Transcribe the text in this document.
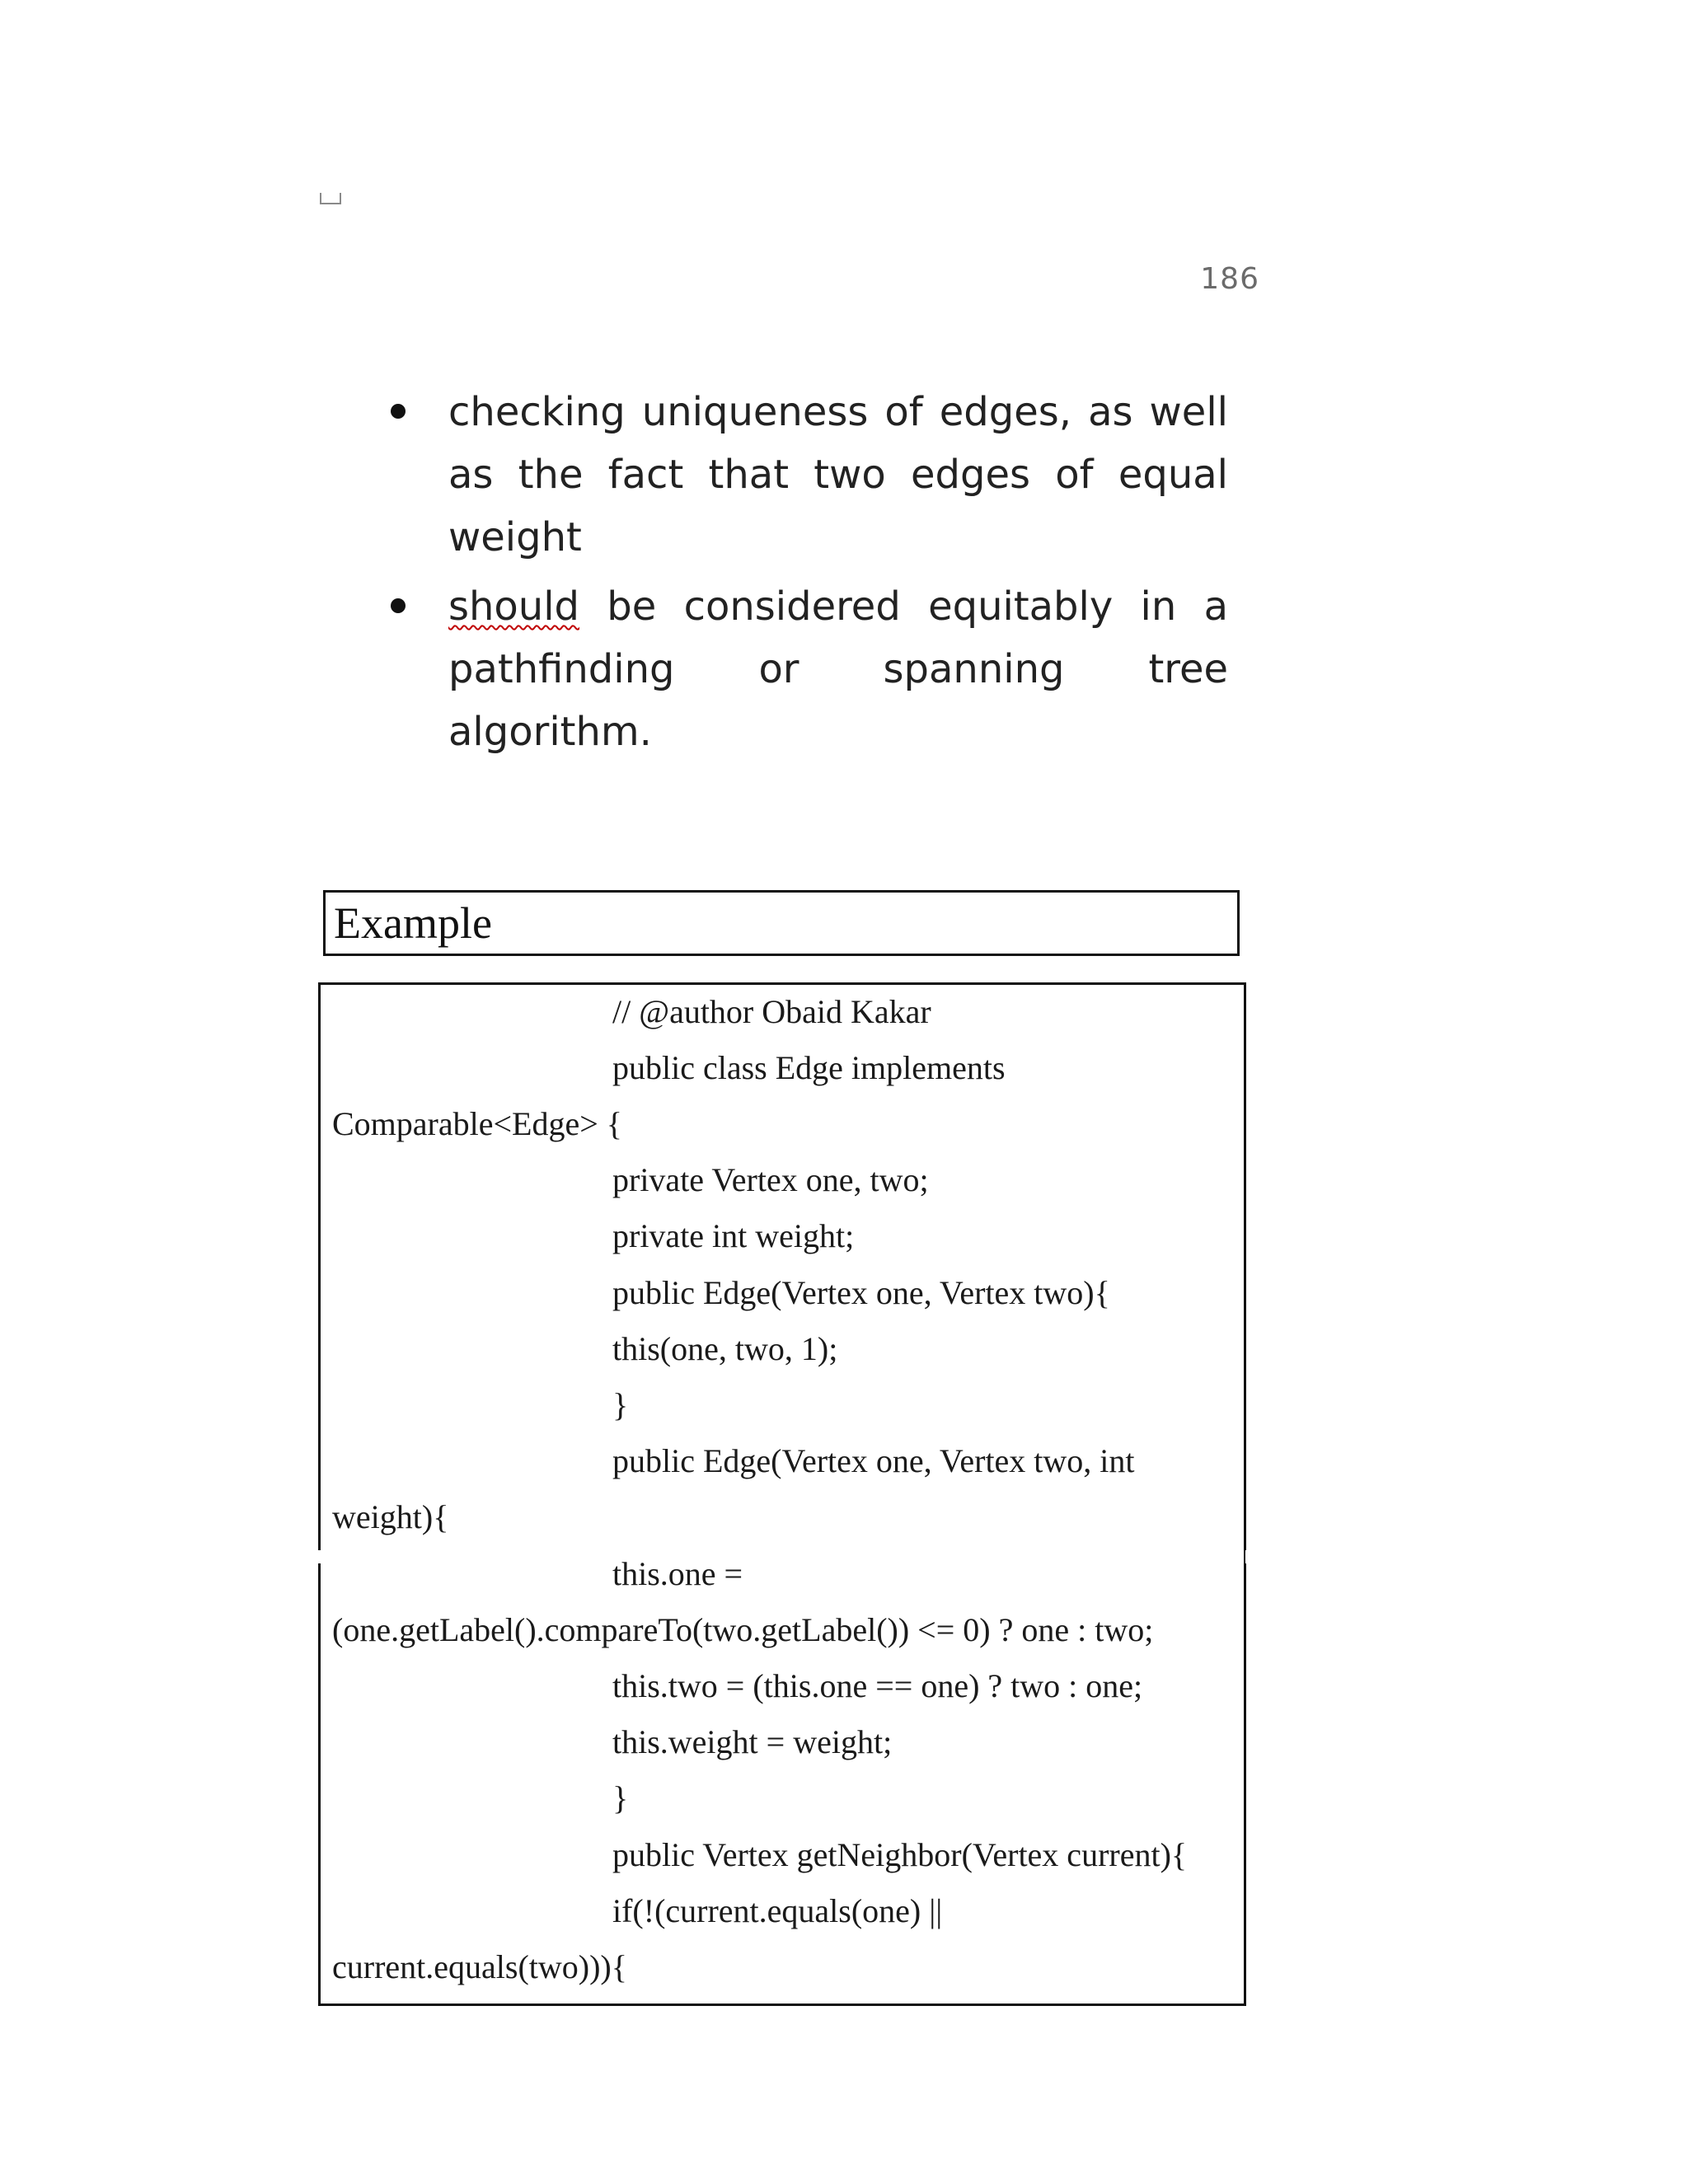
186
checking uniqueness of edges, as well as the fact that two edges of equal weight
should be considered equitably in a pathfinding or spanning tree algorithm.
Example
// @author Obaid Kakar
public class Edge implements
Comparable<Edge> {
private Vertex one, two;
private int weight;
public Edge(Vertex one, Vertex two){
this(one, two, 1);
}
public Edge(Vertex one, Vertex two, int
weight){
this.one =
(one.getLabel().compareTo(two.getLabel()) <= 0) ? one : two;
this.two = (this.one == one) ? two : one;
this.weight = weight;
}
public Vertex getNeighbor(Vertex current){
if(!(current.equals(one) ||
current.equals(two))){
